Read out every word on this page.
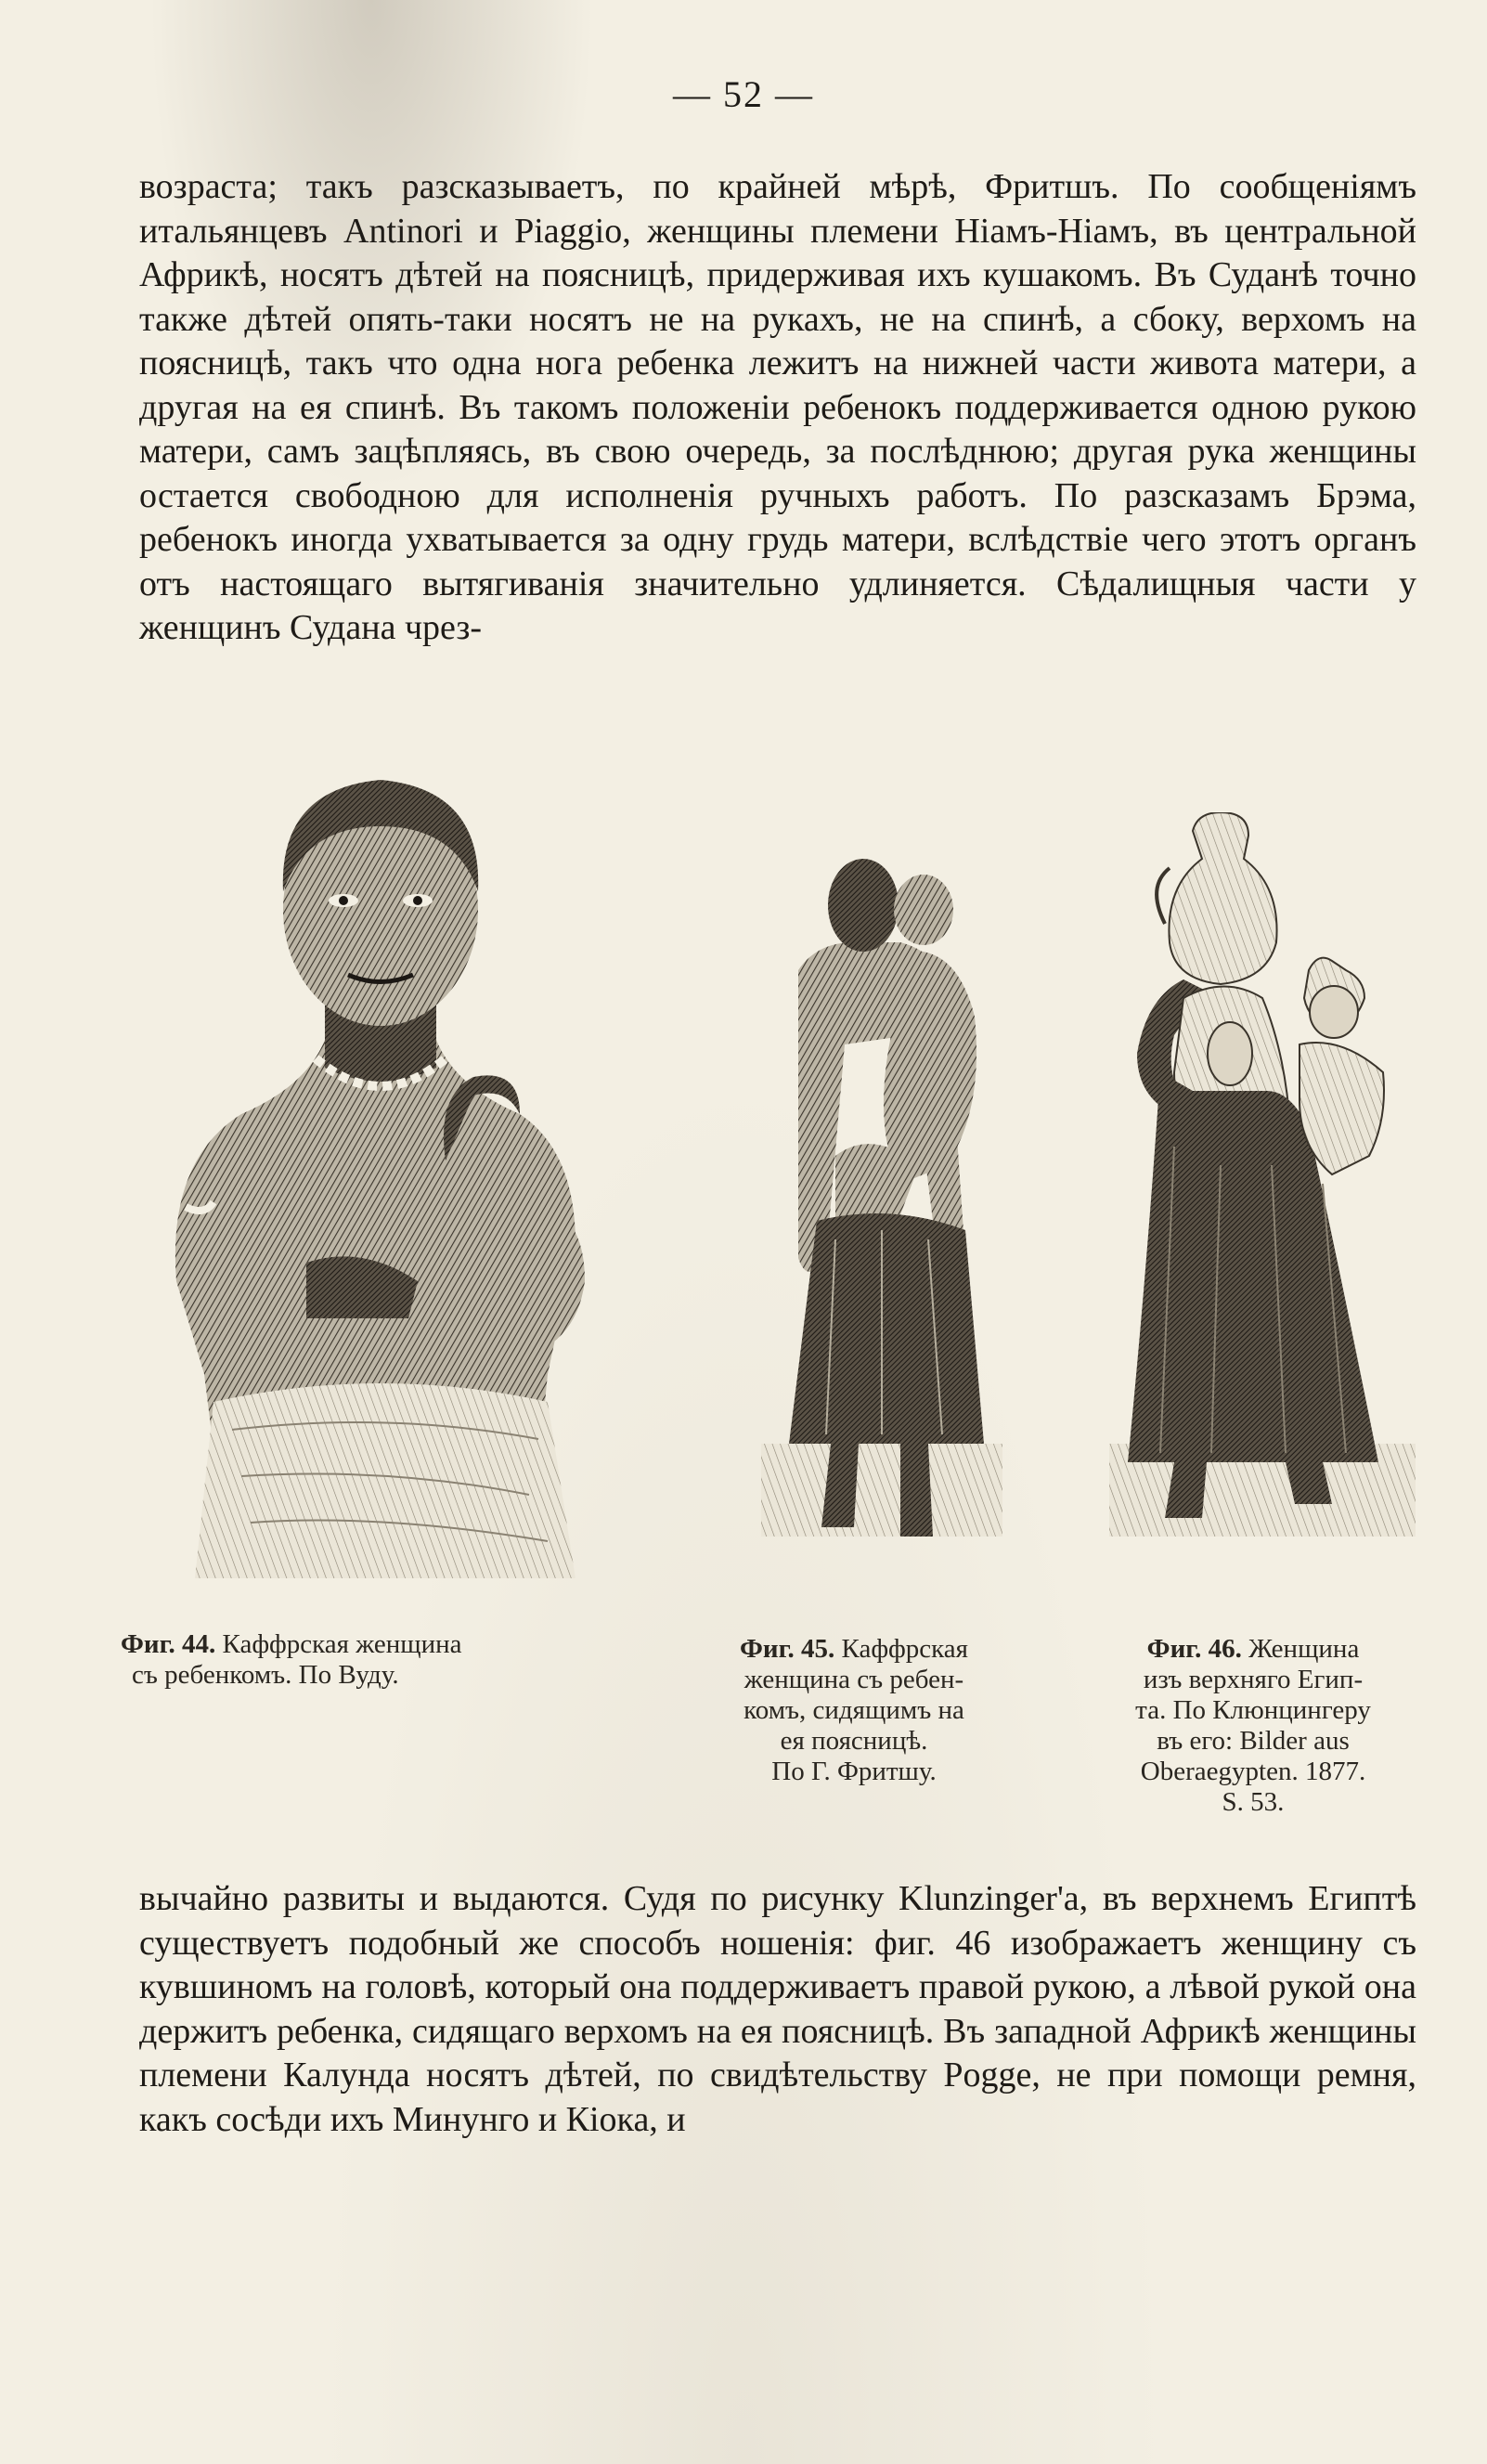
— 52 —

возраста; такъ разсказываетъ, по крайней мѣрѣ, Фритшъ. По сообщеніямъ итальянцевъ Antinori и Piaggio, женщины племени Ніамъ-Ніамъ, въ центральной Африкѣ, носятъ дѣтей на поясницѣ, придерживая ихъ кушакомъ. Въ Суданѣ точно также дѣтей опять-таки носятъ не на рукахъ, не на спинѣ, а сбоку, верхомъ на поясницѣ, такъ что одна нога ребенка лежитъ на нижней части живота матери, а другая на ея спинѣ. Въ такомъ положеніи ребенокъ поддерживается одною рукою матери, самъ зацѣпляясь, въ свою очередь, за послѣднюю; другая рука женщины остается свободною для исполненія ручныхъ работъ. По разсказамъ Брэма, ребенокъ иногда ухватывается за одну грудь матери, вслѣдствіе чего этотъ органъ отъ настоящаго вытягиванія значительно удлиняется. Сѣдалищныя части у женщинъ Судана чрез-

Фиг. 44. Каффрская женщина
съ ребенкомъ. По Вуду.
Фиг. 45. Каффрская
женщина съ ребен-
комъ, сидящимъ на
ея поясницѣ.
По Г. Фритшу.
Фиг. 46. Женщина
изъ верхняго Егип-
та. По Клюнцингеру
въ его: Bilder aus
Oberaegypten. 1877.
S. 53.

вычайно развиты и выдаются. Судя по рисунку Klunzinger'а, въ верхнемъ Египтѣ существуетъ подобный же способъ ношенія: фиг. 46 изображаетъ женщину съ кувшиномъ на головѣ, который она поддерживаетъ правой рукою, а лѣвой рукой она держитъ ребенка, сидящаго верхомъ на ея поясницѣ. Въ западной Африкѣ женщины племени Калунда носятъ дѣтей, по свидѣтельству Pogge, не при помощи ремня, какъ сосѣди ихъ Минунго и Кіока, и
